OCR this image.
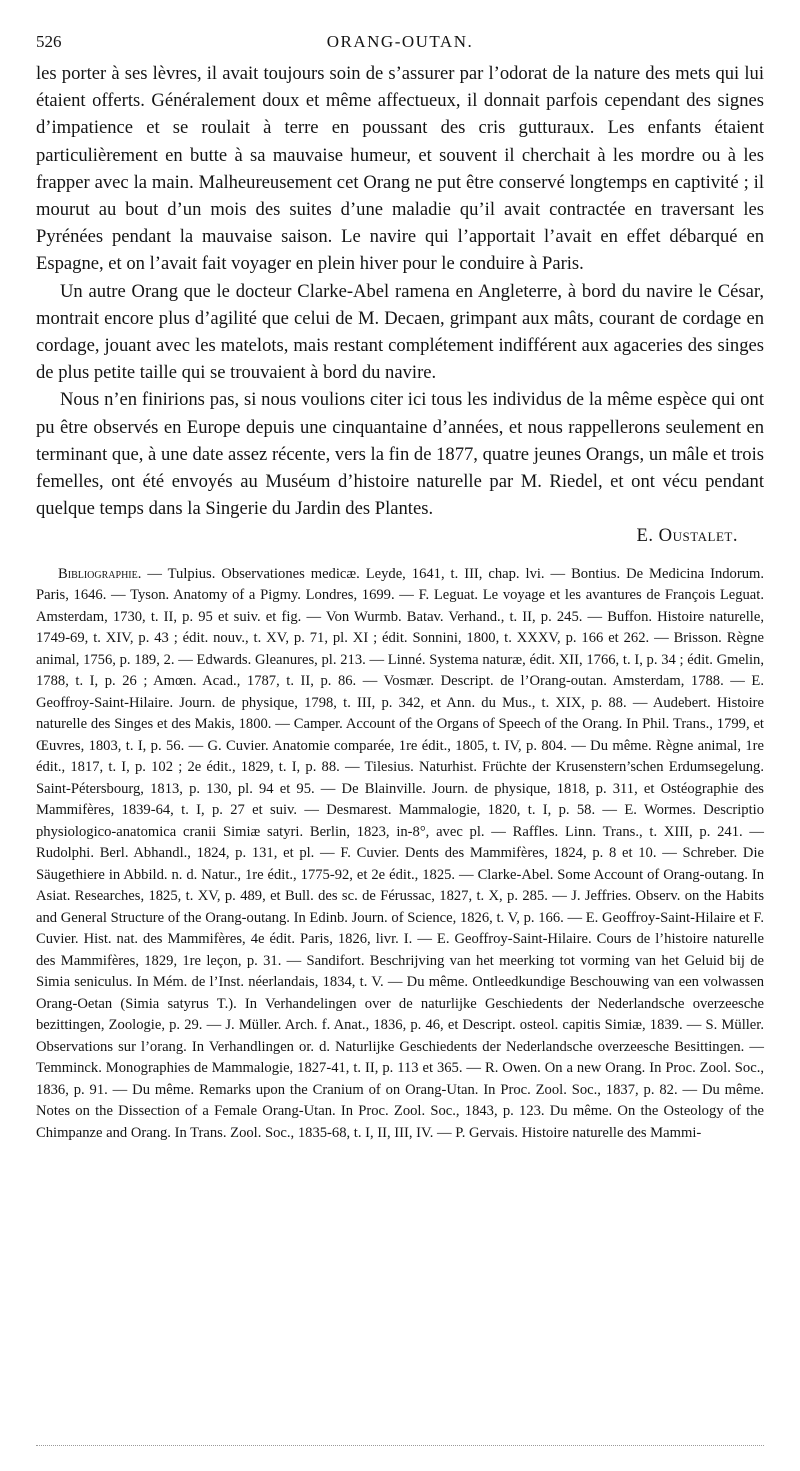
526	ORANG-OUTAN.

les porter à ses lèvres, il avait toujours soin de s’assurer par l’odorat de la nature des mets qui lui étaient offerts. Généralement doux et même affectueux, il donnait parfois cependant des signes d’impatience et se roulait à terre en poussant des cris gutturaux. Les enfants étaient particulièrement en butte à sa mauvaise humeur, et souvent il cherchait à les mordre ou à les frapper avec la main. Malheureusement cet Orang ne put être conservé longtemps en captivité ; il mourut au bout d’un mois des suites d’une maladie qu’il avait contractée en traversant les Pyrénées pendant la mauvaise saison. Le navire qui l’apportait l’avait en effet débarqué en Espagne, et on l’avait fait voyager en plein hiver pour le conduire à Paris.

Un autre Orang que le docteur Clarke-Abel ramena en Angleterre, à bord du navire le César, montrait encore plus d’agilité que celui de M. Decaen, grimpant aux mâts, courant de cordage en cordage, jouant avec les matelots, mais restant complétement indifférent aux agaceries des singes de plus petite taille qui se trouvaient à bord du navire.

Nous n’en finirions pas, si nous voulions citer ici tous les individus de la même espèce qui ont pu être observés en Europe depuis une cinquantaine d’années, et nous rappellerons seulement en terminant que, à une date assez récente, vers la fin de 1877, quatre jeunes Orangs, un mâle et trois femelles, ont été envoyés au Muséum d’histoire naturelle par M. Riedel, et ont vécu pendant quelque temps dans la Singerie du Jardin des Plantes.

E. Oustalet.

Bibliographie. — Tulpius. Observationes medicæ. Leyde, 1641, t. III, chap. lvi. — Bontius. De Medicina Indorum. Paris, 1646. — Tyson. Anatomy of a Pigmy. Londres, 1699. — F. Leguat. Le voyage et les avantures de François Leguat. Amsterdam, 1730, t. II, p. 95 et suiv. et fig. — Von Wurmb. Batav. Verhand., t. II, p. 245. — Buffon. Histoire naturelle, 1749-69, t. XIV, p. 43 ; édit. nouv., t. XV, p. 71, pl. XI ; édit. Sonnini, 1800, t. XXXV, p. 166 et 262. — Brisson. Règne animal, 1756, p. 189, 2. — Edwards. Gleanures, pl. 213. — Linné. Systema naturæ, édit. XII, 1766, t. I, p. 34 ; édit. Gmelin, 1788, t. I, p. 26 ; Amœn. Acad., 1787, t. II, p. 86. — Vosmær. Descript. de l’Orang-outan. Amsterdam, 1788. — E. Geoffroy-Saint-Hilaire. Journ. de physique, 1798, t. III, p. 342, et Ann. du Mus., t. XIX, p. 88. — Audebert. Histoire naturelle des Singes et des Makis, 1800. — Camper. Account of the Organs of Speech of the Orang. In Phil. Trans., 1799, et Œuvres, 1803, t. I, p. 56. — G. Cuvier. Anatomie comparée, 1re édit., 1805, t. IV, p. 804. — Du même. Règne animal, 1re édit., 1817, t. I, p. 102 ; 2e édit., 1829, t. I, p. 88. — Tilesius. Naturhist. Früchte der Krusenstern’schen Erdumsegelung. Saint-Pétersbourg, 1813, p. 130, pl. 94 et 95. — De Blainville. Journ. de physique, 1818, p. 311, et Ostéographie des Mammifères, 1839-64, t. I, p. 27 et suiv. — Desmarest. Mammalogie, 1820, t. I, p. 58. — E. Wormes. Descriptio physiologico-anatomica cranii Simiæ satyri. Berlin, 1823, in-8°, avec pl. — Raffles. Linn. Trans., t. XIII, p. 241. — Rudolphi. Berl. Abhandl., 1824, p. 131, et pl. — F. Cuvier. Dents des Mammifères, 1824, p. 8 et 10. — Schreber. Die Säugethiere in Abbild. n. d. Natur., 1re édit., 1775-92, et 2e édit., 1825. — Clarke-Abel. Some Account of Orang-outang. In Asiat. Researches, 1825, t. XV, p. 489, et Bull. des sc. de Férussac, 1827, t. X, p. 285. — J. Jeffries. Observ. on the Habits and General Structure of the Orang-outang. In Edinb. Journ. of Science, 1826, t. V, p. 166. — E. Geoffroy-Saint-Hilaire et F. Cuvier. Hist. nat. des Mammifères, 4e édit. Paris, 1826, livr. I. — E. Geoffroy-Saint-Hilaire. Cours de l’histoire naturelle des Mammifères, 1829, 1re leçon, p. 31. — Sandifort. Beschrijving van het meerking tot vorming van het Geluid bij de Simia seniculus. In Mém. de l’Inst. néerlandais, 1834, t. V. — Du même. Ontleedkundige Beschouwing van een volwassen Orang-Oetan (Simia satyrus T.). In Verhandelingen over de naturlijke Geschiedents der Nederlandsche overzeesche bezittingen, Zoologie, p. 29. — J. Müller. Arch. f. Anat., 1836, p. 46, et Descript. osteol. capitis Simiæ, 1839. — S. Müller. Observations sur l’orang. In Verhandlingen or. d. Naturlijke Geschiedents der Nederlandsche overzeesche Besittingen. — Temminck. Monographies de Mammalogie, 1827-41, t. II, p. 113 et 365. — R. Owen. On a new Orang. In Proc. Zool. Soc., 1836, p. 91. — Du même. Remarks upon the Cranium of on Orang-Utan. In Proc. Zool. Soc., 1837, p. 82. — Du même. Notes on the Dissection of a Female Orang-Utan. In Proc. Zool. Soc., 1843, p. 123. Du même. On the Osteology of the Chimpanze and Orang. In Trans. Zool. Soc., 1835-68, t. I, II, III, IV. — P. Gervais. Histoire naturelle des Mammi-
